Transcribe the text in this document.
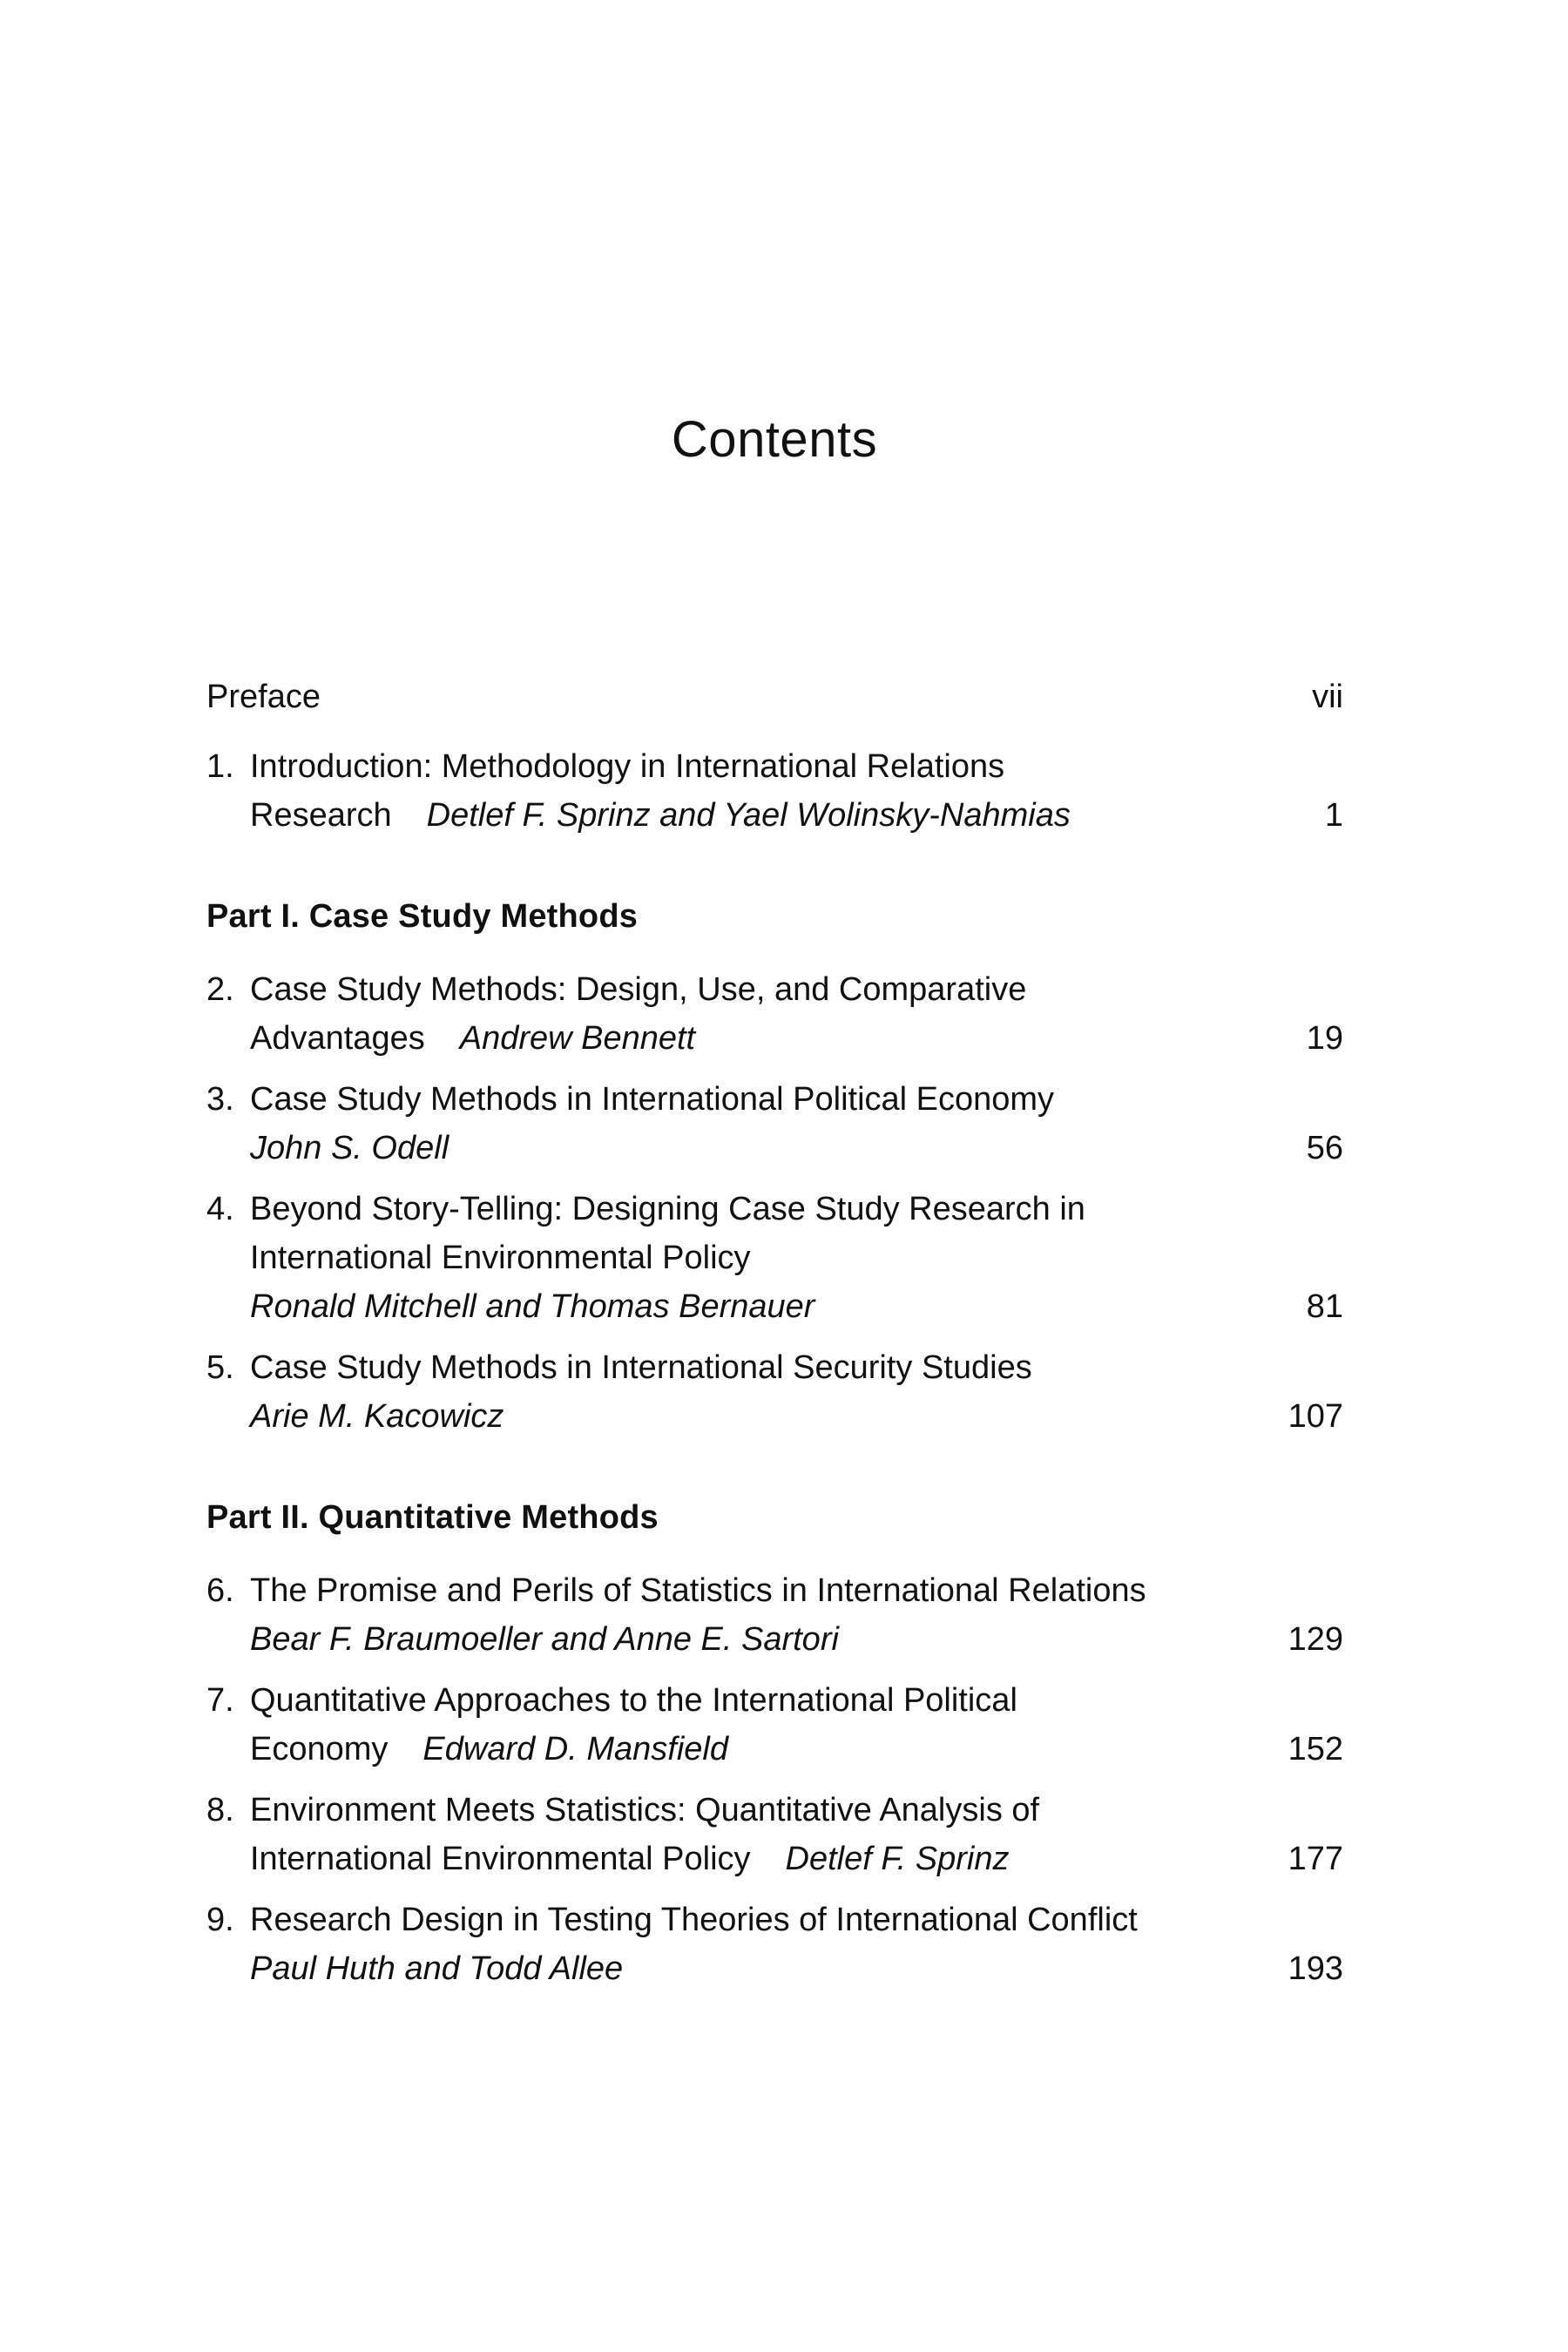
Contents
Preface	vii
1. Introduction: Methodology in International Relations
Research Detlef F. Sprinz and Yael Wolinsky-Nahmias	1
Part I. Case Study Methods
2. Case Study Methods: Design, Use, and Comparative
Advantages Andrew Bennett	19
3. Case Study Methods in International Political Economy
John S. Odell	56
4. Beyond Story-Telling: Designing Case Study Research in
International Environmental Policy
Ronald Mitchell and Thomas Bernauer	81
5. Case Study Methods in International Security Studies
Arie M. Kacowicz	107
Part II. Quantitative Methods
6. The Promise and Perils of Statistics in International Relations
Bear F. Braumoeller and Anne E. Sartori	129
7. Quantitative Approaches to the International Political
Economy Edward D. Mansfield	152
8. Environment Meets Statistics: Quantitative Analysis of
International Environmental Policy Detlef F. Sprinz	177
9. Research Design in Testing Theories of International Conflict
Paul Huth and Todd Allee	193
